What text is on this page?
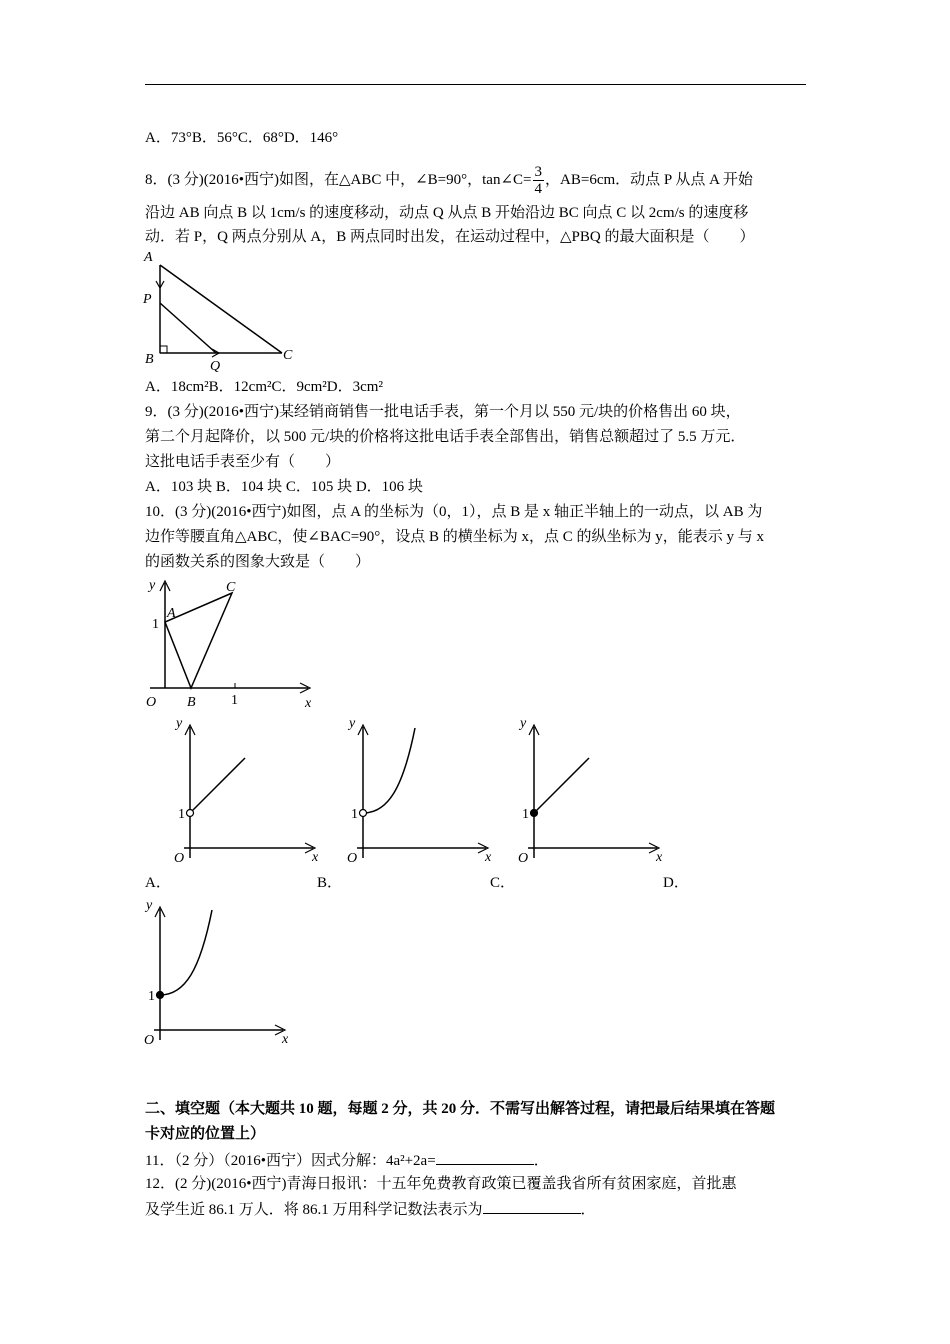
A．73°B．56°C．68°D．146°
8．(3 分)(2016•西宁)如图，在△ABC 中，∠B=90°，tan∠C= $\frac{3}{4}$ ，AB=6cm．动点 P 从点 A 开始
沿边 AB 向点 B 以 1cm/s 的速度移动，动点 Q 从点 B 开始沿边 BC 向点 C 以 2cm/s 的速度移
动．若 P，Q 两点分别从 A，B 两点同时出发，在运动过程中，△PBQ 的最大面积是（　　）
A
P
B	Q
C
A．18cm²B．12cm²C．9cm²D．3cm²
9．(3 分)(2016•西宁)某经销商销售一批电话手表，第一个月以 550 元/块的价格售出 60 块，
第二个月起降价，以 500 元/块的价格将这批电话手表全部售出，销售总额超过了 5.5 万元．
这批电话手表至少有（　　）
A．103 块 B．104 块 C．105 块 D．106 块
10．(3 分)(2016•西宁)如图，点 A 的坐标为（0，1），点 B 是 x 轴正半轴上的一动点，以 AB 为
边作等腰直角△ABC，使∠BAC=90°，设点 B 的横坐标为 x，点 C 的纵坐标为 y，能表示 y 与 x
的函数关系的图象大致是（　　）
y
x
O
A
B
C
1
1
y
x
O
1
y
x
O
1
y
x
O
1
y
x
O
1
A．	B．	C．	D．
二、填空题（本大题共 10 题，每题 2 分，共 20 分．不需写出解答过程，请把最后结果填在答题
卡对应的位置上）
11．（2 分）（2016•西宁）因式分解：4a²+2a=	．
12．(2 分)(2016•西宁)青海日报讯：十五年免费教育政策已覆盖我省所有贫困家庭，首批惠
及学生近 86.1 万人．将 86.1 万用科学记数法表示为	．
